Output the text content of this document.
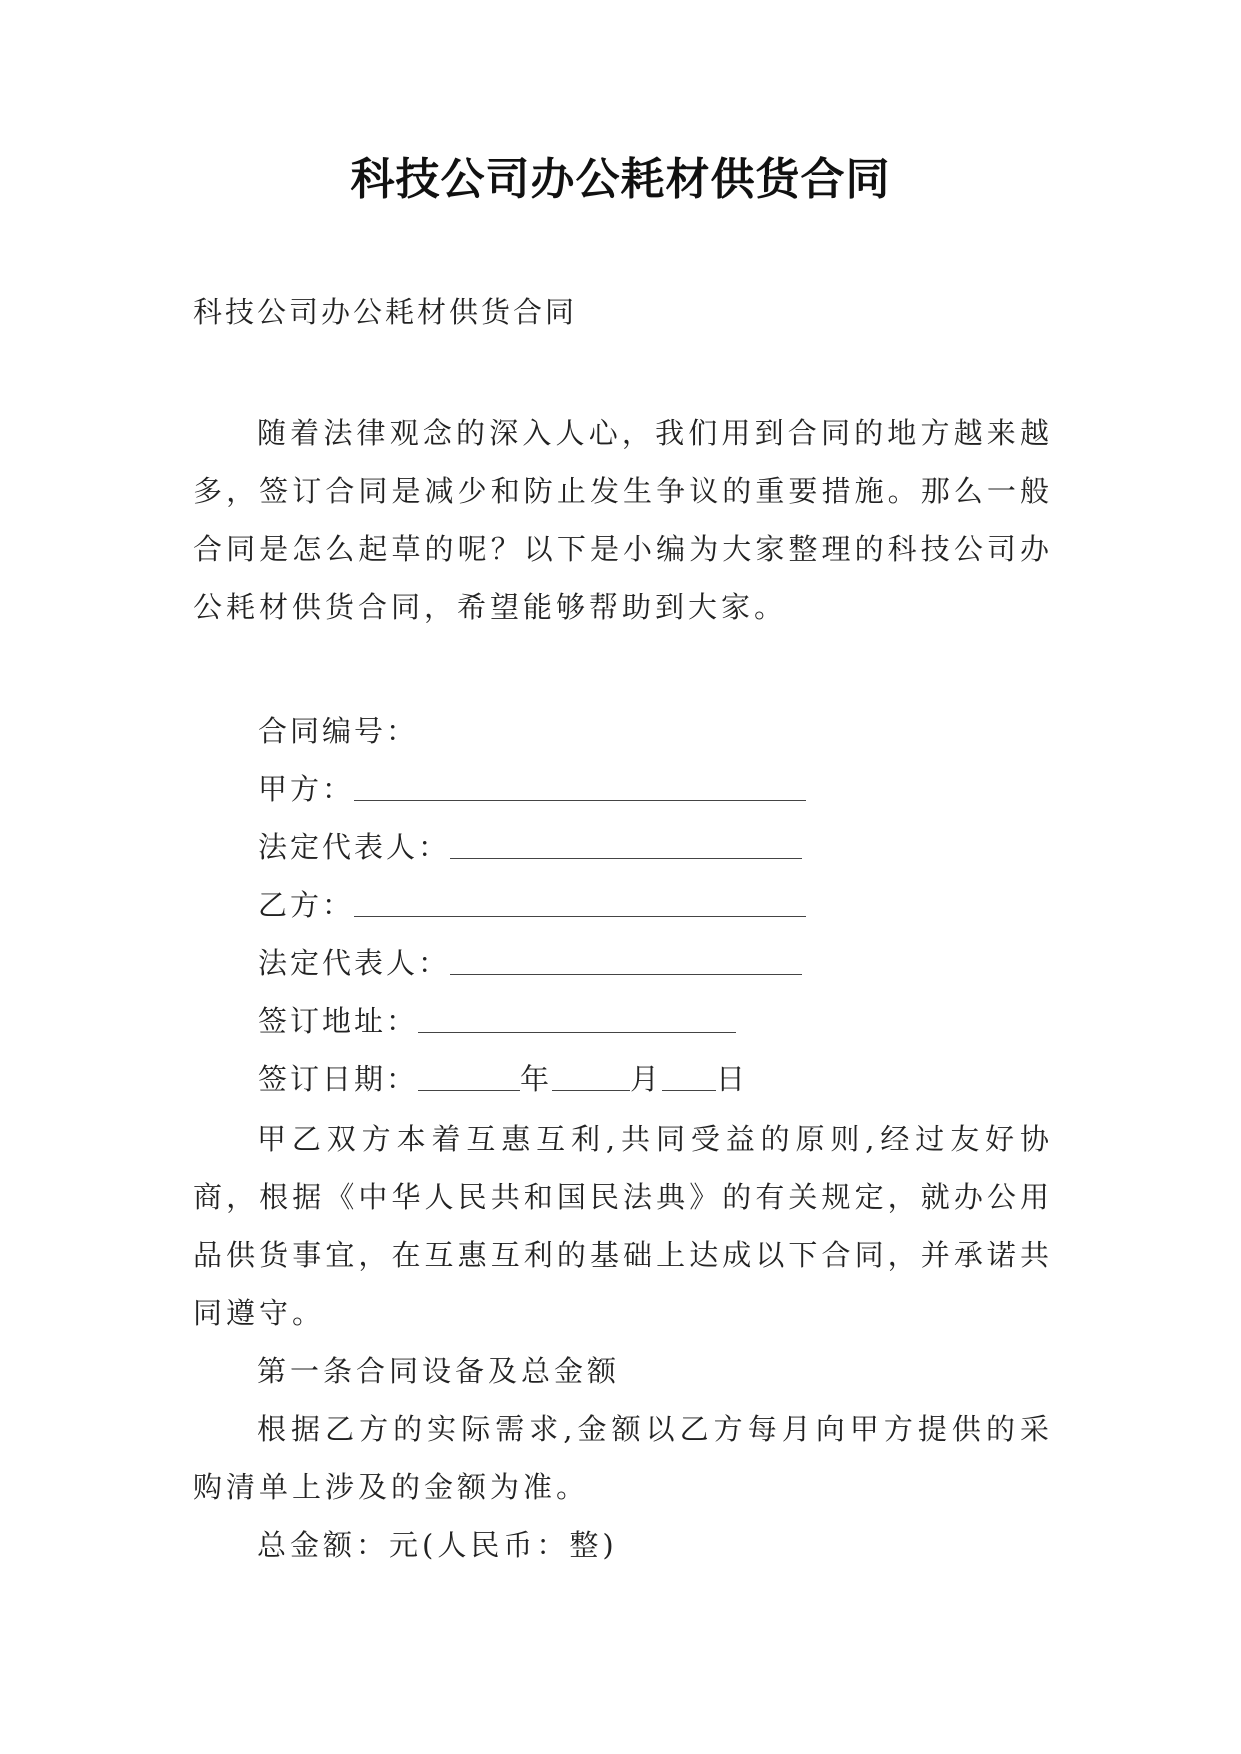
科技公司办公耗材供货合同
科技公司办公耗材供货合同
随着法律观念的深入人心，我们用到合同的地方越来越多，签订合同是减少和防止发生争议的重要措施。那么一般合同是怎么起草的呢？以下是小编为大家整理的科技公司办公耗材供货合同，希望能够帮助到大家。
合同编号：
甲方：
法定代表人：
乙方：
法定代表人：
签订地址：
签订日期：	年	月 日
甲乙双方本着互惠互利,共同受益的原则,经过友好协商，根据《中华人民共和国民法典》的有关规定，就办公用品供货事宜，在互惠互利的基础上达成以下合同，并承诺共同遵守。
第一条合同设备及总金额
根据乙方的实际需求,金额以乙方每月向甲方提供的采购清单上涉及的金额为准。
总金额：元(人民币：整)
